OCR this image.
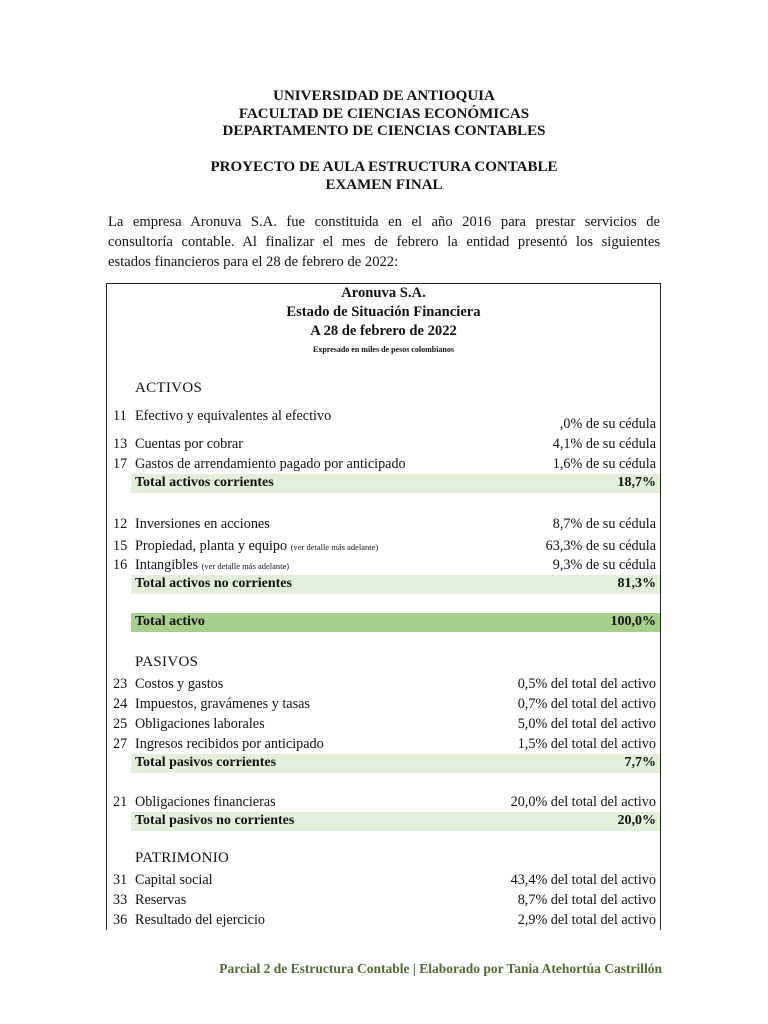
UNIVERSIDAD DE ANTIOQUIA
FACULTAD DE CIENCIAS ECONÓMICAS
DEPARTAMENTO DE CIENCIAS CONTABLES
PROYECTO DE AULA ESTRUCTURA CONTABLE
EXAMEN FINAL
La empresa Aronuva S.A. fue constituida en el año 2016 para prestar servicios de
consultoría contable. Al finalizar el mes de febrero la entidad presentó los siguientes
estados financieros para el 28 de febrero de 2022:
Aronuva S.A.
Estado de Situación Financiera
A 28 de febrero de 2022
Expresado en miles de pesos colombianos
ACTIVOS
11 Efectivo y equivalentes al efectivo	,0% de su cédula
13 Cuentas por cobrar	4,1% de su cédula
17 Gastos de arrendamiento pagado por anticipado	1,6% de su cédula
Total activos corrientes	18,7%
12 Inversiones en acciones	8,7% de su cédula
15 Propiedad, planta y equipo (ver detalle más adelante)	63,3% de su cédula
16 Intangibles (ver detalle más adelante)	9,3% de su cédula
Total activos no corrientes	81,3%
Total activo	100,0%
PASIVOS
23 Costos y gastos	0,5% del total del activo
24 Impuestos, gravámenes y tasas	0,7% del total del activo
25 Obligaciones laborales	5,0% del total del activo
27 Ingresos recibidos por anticipado	1,5% del total del activo
Total pasivos corrientes	7,7%
21 Obligaciones financieras	20,0% del total del activo
Total pasivos no corrientes	20,0%
PATRIMONIO
31 Capital social	43,4% del total del activo
33 Reservas	8,7% del total del activo
36 Resultado del ejercicio	2,9% del total del activo
Parcial 2 de Estructura Contable | Elaborado por Tania Atehortúa Castrillón
